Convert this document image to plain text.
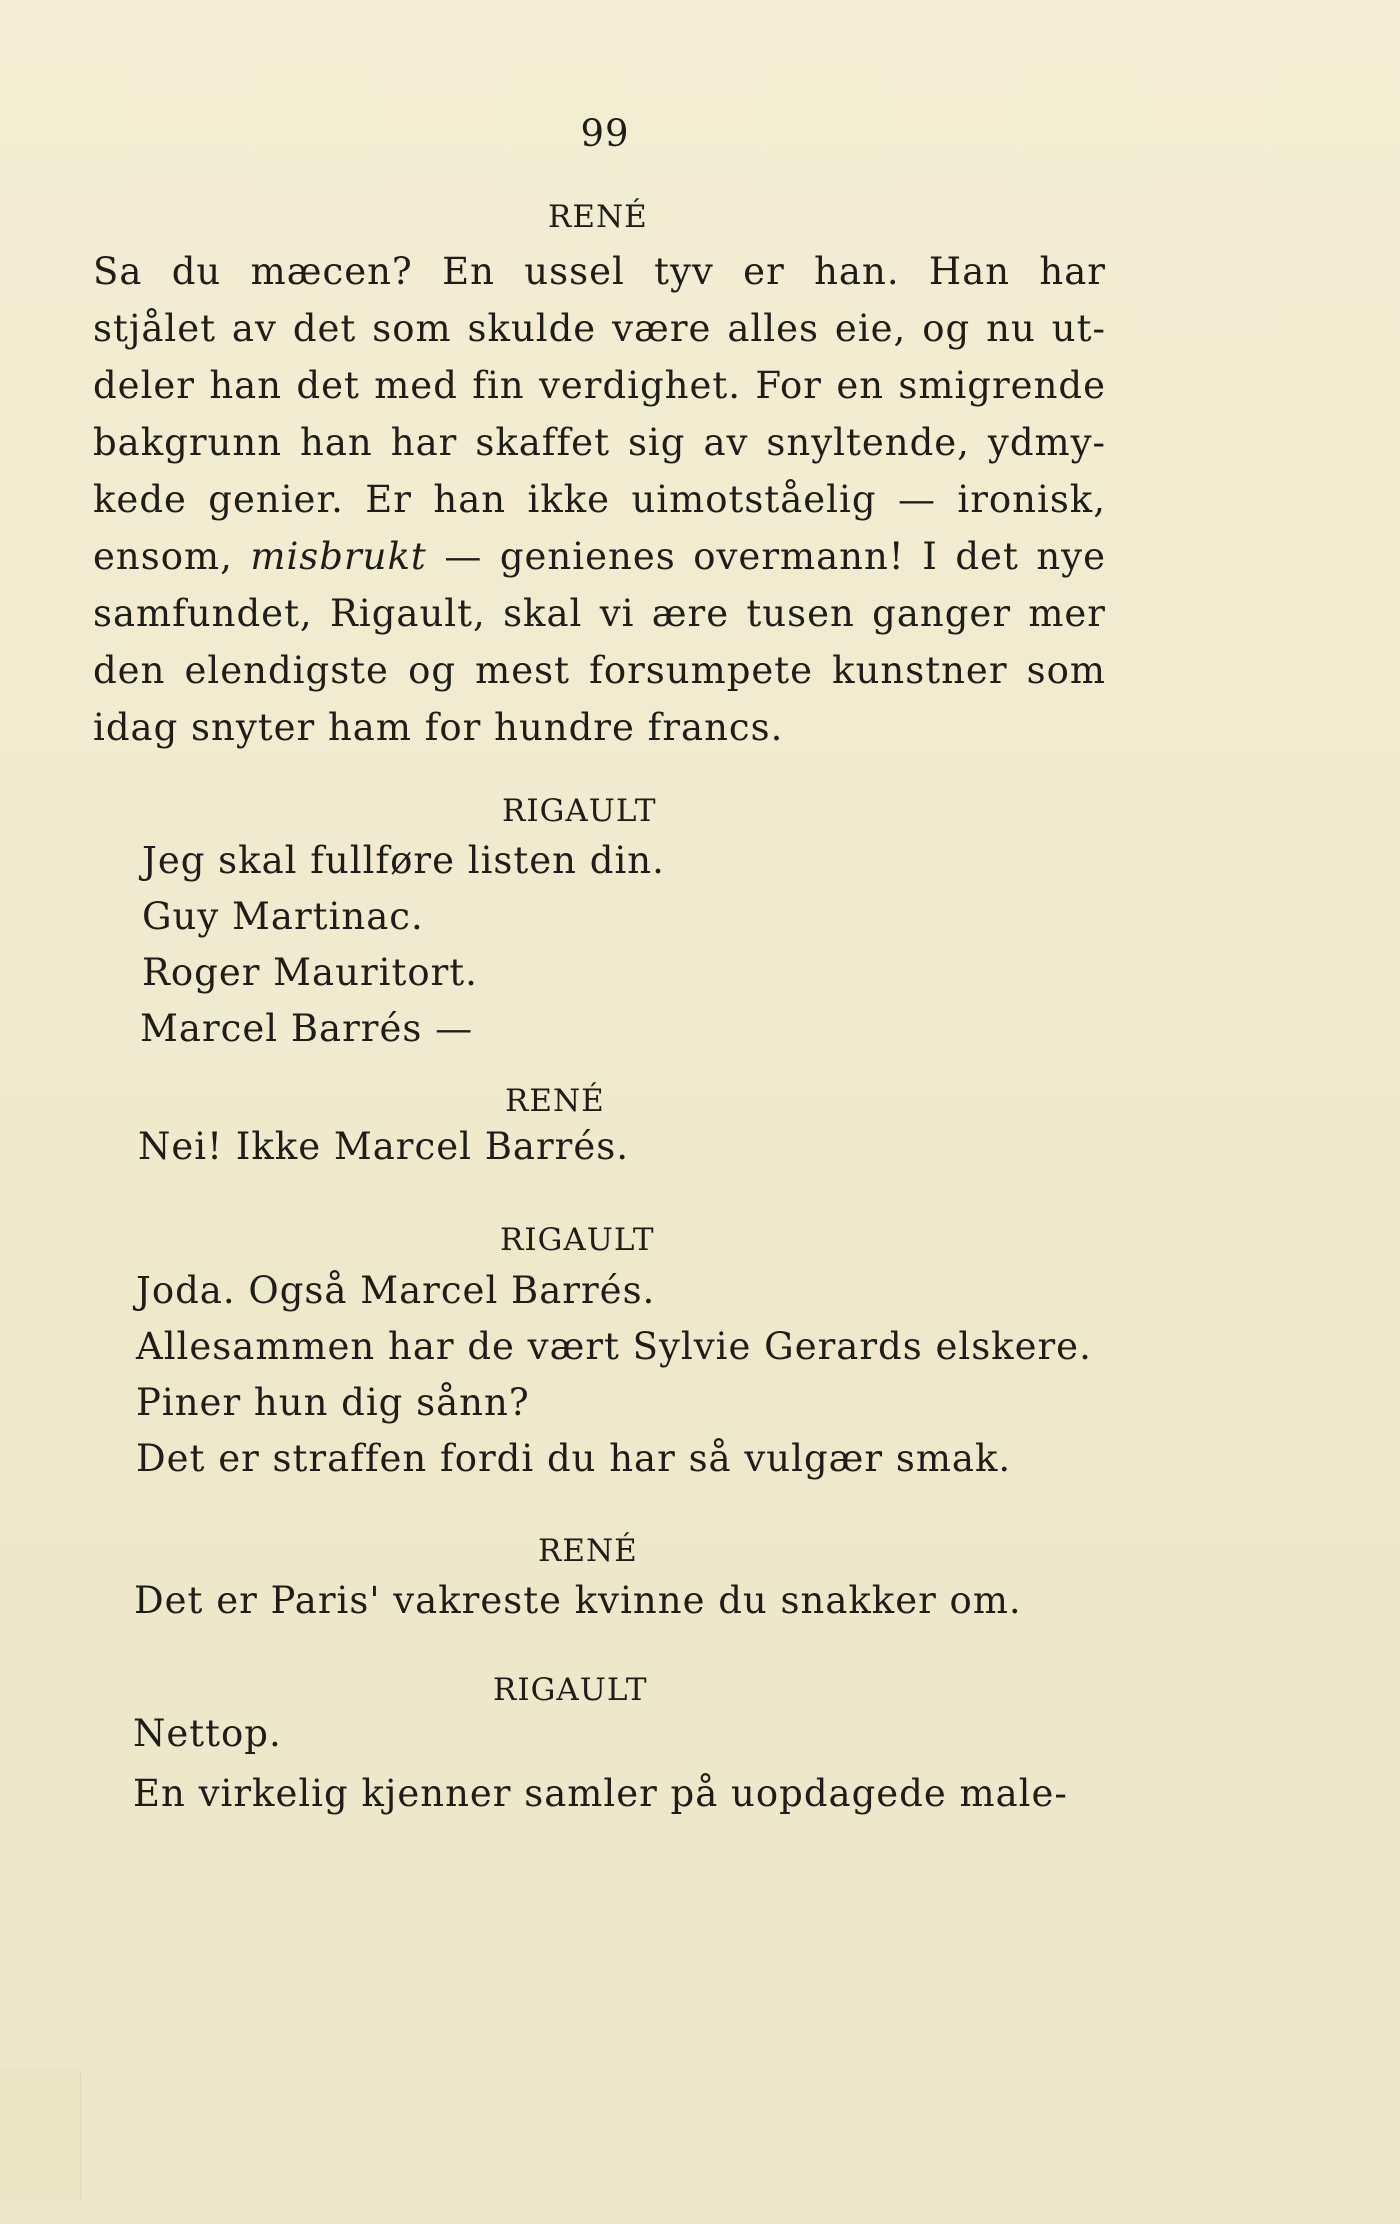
99
RENÉ
Sa du mæcen? En ussel tyv er han. Han har
stjålet av det som skulde være alles eie, og nu ut-
deler han det med fin verdighet. For en smigrende
bakgrunn han har skaffet sig av snyltende, ydmy-
kede genier. Er han ikke uimotståelig — ironisk,
ensom, misbrukt — genienes overmann! I det nye
samfundet, Rigault, skal vi ære tusen ganger mer
den elendigste og mest forsumpete kunstner som
idag snyter ham for hundre francs.
RIGAULT
Jeg skal fullføre listen din.
Guy Martinac.
Roger Mauritort.
Marcel Barrés —
RENÉ
Nei! Ikke Marcel Barrés.
RIGAULT
Joda. Også Marcel Barrés.
Allesammen har de vært Sylvie Gerards elskere.
Piner hun dig sånn?
Det er straffen fordi du har så vulgær smak.
RENÉ
Det er Paris' vakreste kvinne du snakker om.
RIGAULT
Nettop.
En virkelig kjenner samler på uopdagede male-
